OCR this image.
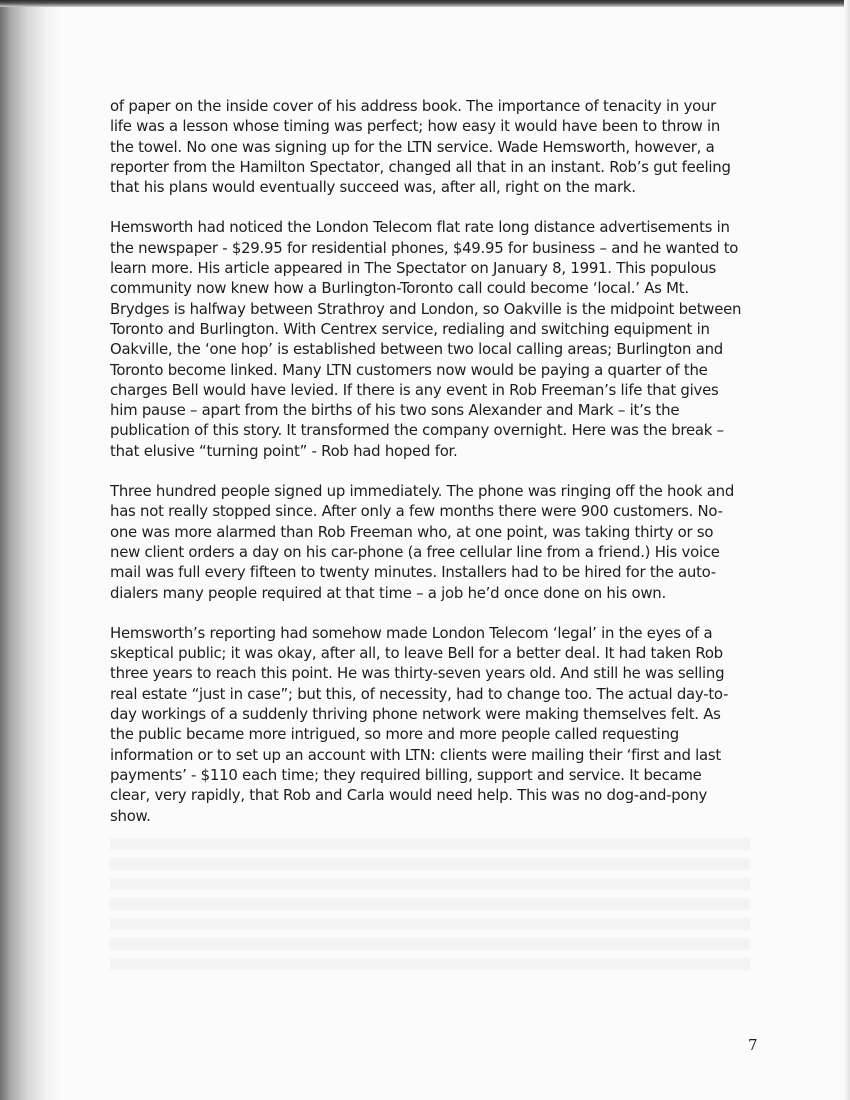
of paper on the inside cover of his address book. The importance of tenacity in your
life was a lesson whose timing was perfect; how easy it would have been to throw in
the towel. No one was signing up for the LTN service. Wade Hemsworth, however, a
reporter from the Hamilton Spectator, changed all that in an instant. Rob’s gut feeling
that his plans would eventually succeed was, after all, right on the mark.

Hemsworth had noticed the London Telecom flat rate long distance advertisements in
the newspaper - $29.95 for residential phones, $49.95 for business – and he wanted to
learn more. His article appeared in The Spectator on January 8, 1991. This populous
community now knew how a Burlington-Toronto call could become ‘local.’ As Mt.
Brydges is halfway between Strathroy and London, so Oakville is the midpoint between
Toronto and Burlington. With Centrex service, redialing and switching equipment in
Oakville, the ‘one hop’ is established between two local calling areas; Burlington and
Toronto become linked. Many LTN customers now would be paying a quarter of the
charges Bell would have levied. If there is any event in Rob Freeman’s life that gives
him pause – apart from the births of his two sons Alexander and Mark – it’s the
publication of this story. It transformed the company overnight. Here was the break –
that elusive “turning point” - Rob had hoped for.

Three hundred people signed up immediately. The phone was ringing off the hook and
has not really stopped since. After only a few months there were 900 customers. No-
one was more alarmed than Rob Freeman who, at one point, was taking thirty or so
new client orders a day on his car-phone (a free cellular line from a friend.) His voice
mail was full every fifteen to twenty minutes. Installers had to be hired for the auto-
dialers many people required at that time – a job he’d once done on his own.

Hemsworth’s reporting had somehow made London Telecom ‘legal’ in the eyes of a
skeptical public; it was okay, after all, to leave Bell for a better deal. It had taken Rob
three years to reach this point. He was thirty-seven years old. And still he was selling
real estate “just in case”; but this, of necessity, had to change too. The actual day-to-
day workings of a suddenly thriving phone network were making themselves felt. As
the public became more intrigued, so more and more people called requesting
information or to set up an account with LTN: clients were mailing their ‘first and last
payments’ - $110 each time; they required billing, support and service. It became
clear, very rapidly, that Rob and Carla would need help. This was no dog-and-pony
show.

7
